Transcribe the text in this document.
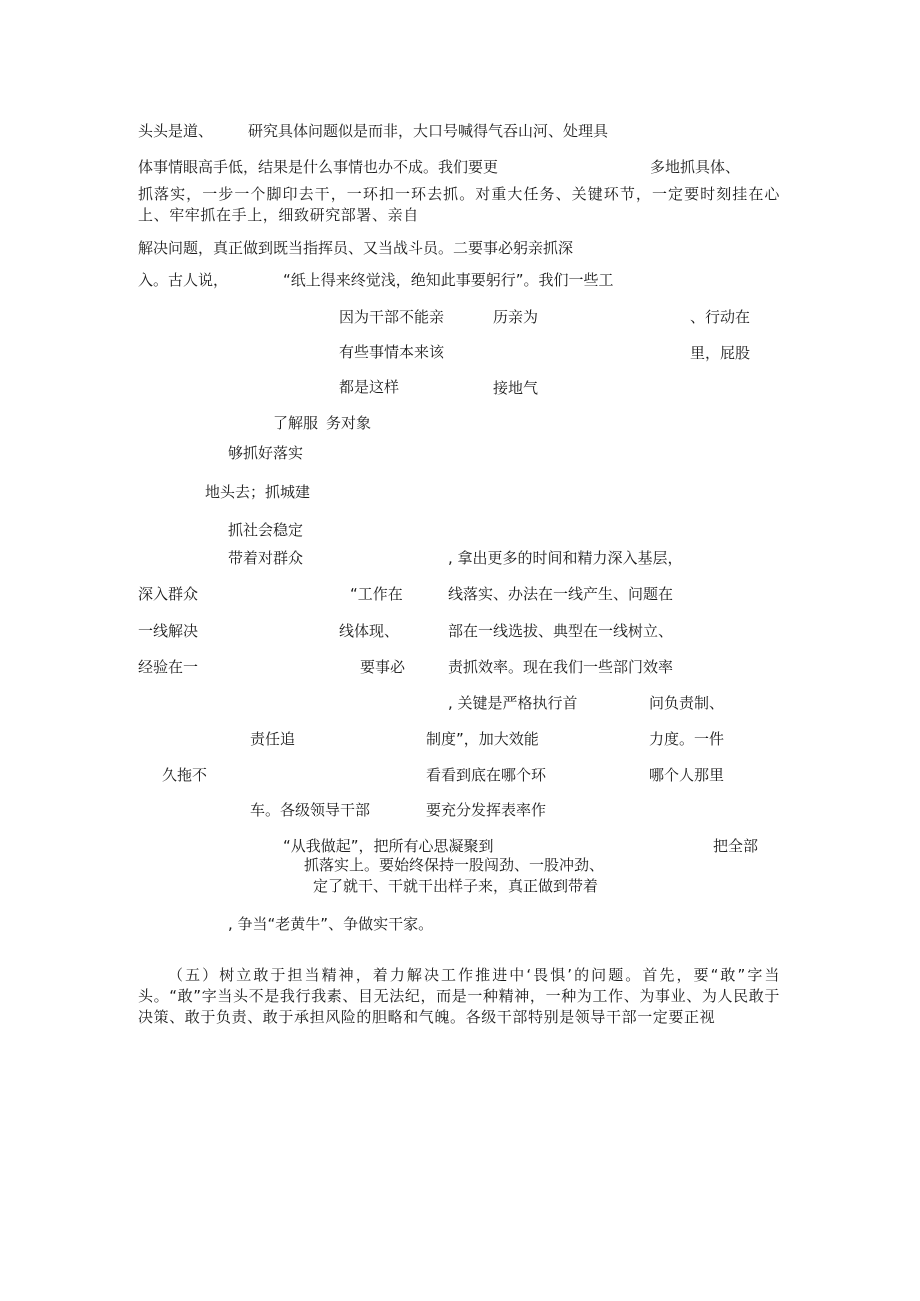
头头是道、 研究具体问题似是而非，大口号喊得气吞山河、处理具
体事情眼高手低，结果是什么事情也办不成。我们要更	多地抓具体、
抓落实，一步一个脚印去干，一环扣一环去抓。对重大任务、关键环节，一定要时刻挂在心上、牢牢抓在手上，细致研究部署、亲自
解决问题，真正做到既当指挥员、又当战斗员。二要事必躬亲抓深
入。古人说，	“纸上得来终觉浅，绝知此事要躬行”。我们一些工
因为干部不能亲	历亲为	、行动在
有些事情本来该	里，屁股
都是这样	接地气
了解服 务对象
够抓好落实
地头去；抓城建
抓社会稳定
带着对群众	, 拿出更多的时间和精力深入基层，
深入群众	“工作在	线落实、办法在一线产生、问题在
一线解决	线体现、	部在一线选拔、典型在一线树立、
经验在一	要事必	责抓效率。现在我们一些部门效率
, 关键是严格执行首	问负责制、
责任追	制度”，加大效能	力度。一件
久拖不	看看到底在哪个环	哪个人那里
车。各级领导干部	要充分发挥表率作
“从我做起”，把所有心思凝聚到	把全部
抓落实上。要始终保持一股闯劲、一股冲劲、
定了就干、干就干出样子来，真正做到带着
, 争当“老黄牛”、争做实干家。
（五）树立敢于担当精神，着力解决工作推进中‘畏惧’的问题。首先，要“敢”字当头。“敢”字当头不是我行我素、目无法纪，而是一种精神，一种为工作、为事业、为人民敢于决策、敢于负责、敢于承担风险的胆略和气魄。各级干部特别是领导干部一定要正视
